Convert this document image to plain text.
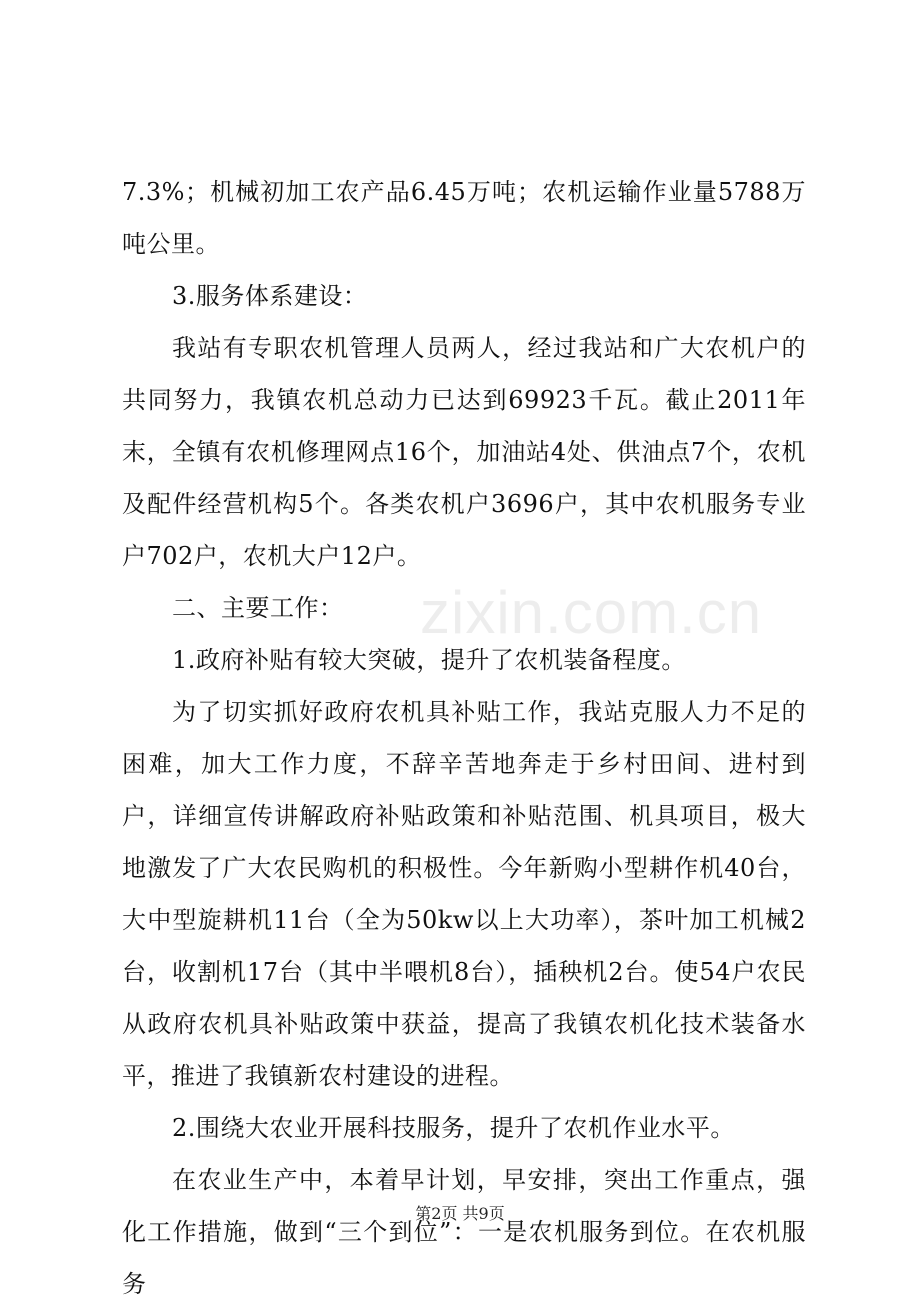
7.3%；机械初加工农产品6.45万吨；农机运输作业量5788万吨公里。

3.服务体系建设：

我站有专职农机管理人员两人，经过我站和广大农机户的共同努力，我镇农机总动力已达到69923千瓦。截止2011年末，全镇有农机修理网点16个，加油站4处、供油点7个，农机及配件经营机构5个。各类农机户3696户，其中农机服务专业户702户，农机大户12户。

二、主要工作：

1.政府补贴有较大突破，提升了农机装备程度。

为了切实抓好政府农机具补贴工作，我站克服人力不足的困难，加大工作力度，不辞辛苦地奔走于乡村田间、进村到户，详细宣传讲解政府补贴政策和补贴范围、机具项目，极大地激发了广大农民购机的积极性。今年新购小型耕作机40台，大中型旋耕机11台（全为50kw以上大功率），茶叶加工机械2台，收割机17台（其中半喂机8台），插秧机2台。使54户农民从政府农机具补贴政策中获益，提高了我镇农机化技术装备水平，推进了我镇新农村建设的进程。

2.围绕大农业开展科技服务，提升了农机作业水平。

在农业生产中，本着早计划，早安排，突出工作重点，强化工作措施，做到“三个到位”：一是农机服务到位。在农机服务

zixin.com.cn
第2页 共9页
